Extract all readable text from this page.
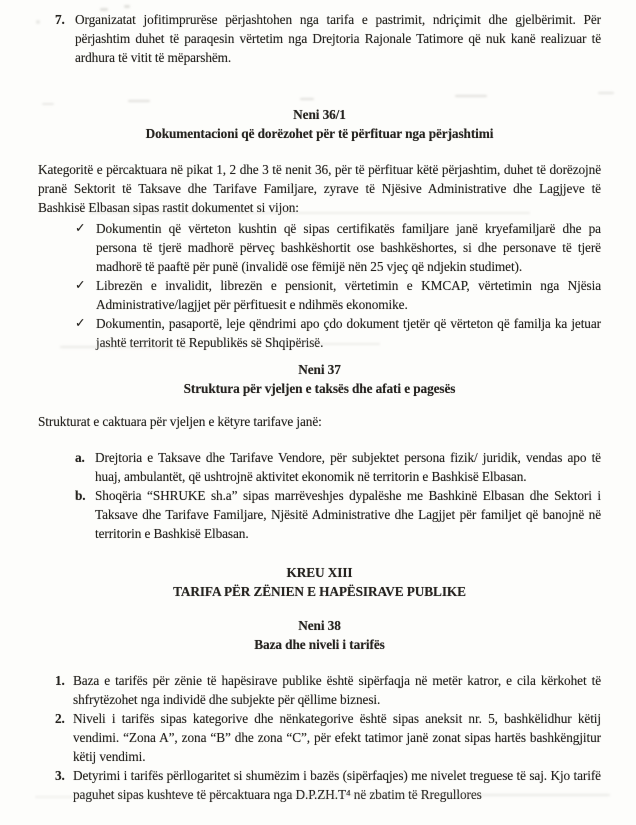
7. Organizatat jofitimprurëse përjashtohen nga tarifa e pastrimit, ndriçimit dhe gjelbërimit. Për përjashtim duhet të paraqesin vërtetim nga Drejtoria Rajonale Tatimore që nuk kanë realizuar të ardhura të vitit të mëparshëm.
Neni 36/1
Dokumentacioni që dorëzohet për të përfituar nga përjashtimi
Kategoritë e përcaktuara në pikat 1, 2 dhe 3 të nenit 36, për të përfituar këtë përjashtim, duhet të dorëzojnë pranë Sektorit të Taksave dhe Tarifave Familjare, zyrave të Njësive Administrative dhe Lagjjeve të Bashkisë Elbasan sipas rastit dokumentet si vijon:
✓ Dokumentin që vërteton kushtin që sipas certifikatës familjare janë kryefamiljarë dhe pa persona të tjerë madhorë përveç bashkëshortit ose bashkëshortes, si dhe personave të tjerë madhorë të paaftë për punë (invalidë ose fëmijë nën 25 vjeç që ndjekin studimet).
✓ Librezën e invalidit, librezën e pensionit, vërtetimin e KMCAP, vërtetimin nga Njësia Administrative/lagjjet për përfituesit e ndihmës ekonomike.
✓ Dokumentin, pasaportë, leje qëndrimi apo çdo dokument tjetër që vërteton që familja ka jetuar jashtë territorit të Republikës së Shqipërisë.
Neni 37
Struktura për vjeljen e taksës dhe afati e pagesës
Strukturat e caktuara për vjeljen e këtyre tarifave janë:
a. Drejtoria e Taksave dhe Tarifave Vendore, për subjektet persona fizik/ juridik, vendas apo të huaj, ambulantët, që ushtrojnë aktivitet ekonomik në territorin e Bashkisë Elbasan.
b. Shoqëria “SHRUKE sh.a” sipas marrëveshjes dypalëshe me Bashkinë Elbasan dhe Sektori i Taksave dhe Tarifave Familjare, Njësitë Administrative dhe Lagjjet për familjet që banojnë në territorin e Bashkisë Elbasan.
KREU XIII
TARIFA PËR ZËNIEN E HAPËSIRAVE PUBLIKE
Neni 38
Baza dhe niveli i tarifës
1. Baza e tarifës për zënie të hapësirave publike është sipërfaqja në metër katror, e cila kërkohet të shfrytëzohet nga individë dhe subjekte për qëllime biznesi.
2. Niveli i tarifës sipas kategorive dhe nënkategorive është sipas aneksit nr. 5, bashkëlidhur këtij vendimi. “Zona A”, zona “B” dhe zona “C”, për efekt tatimor janë zonat sipas hartës bashkëngjitur këtij vendimi.
3. Detyrimi i tarifës përllogaritet si shumëzim i bazës (sipërfaqjes) me nivelet treguese të saj. Kjo tarifë paguhet sipas kushteve të përcaktuara nga D.P.ZH.T⁴ në zbatim të Rregullores
